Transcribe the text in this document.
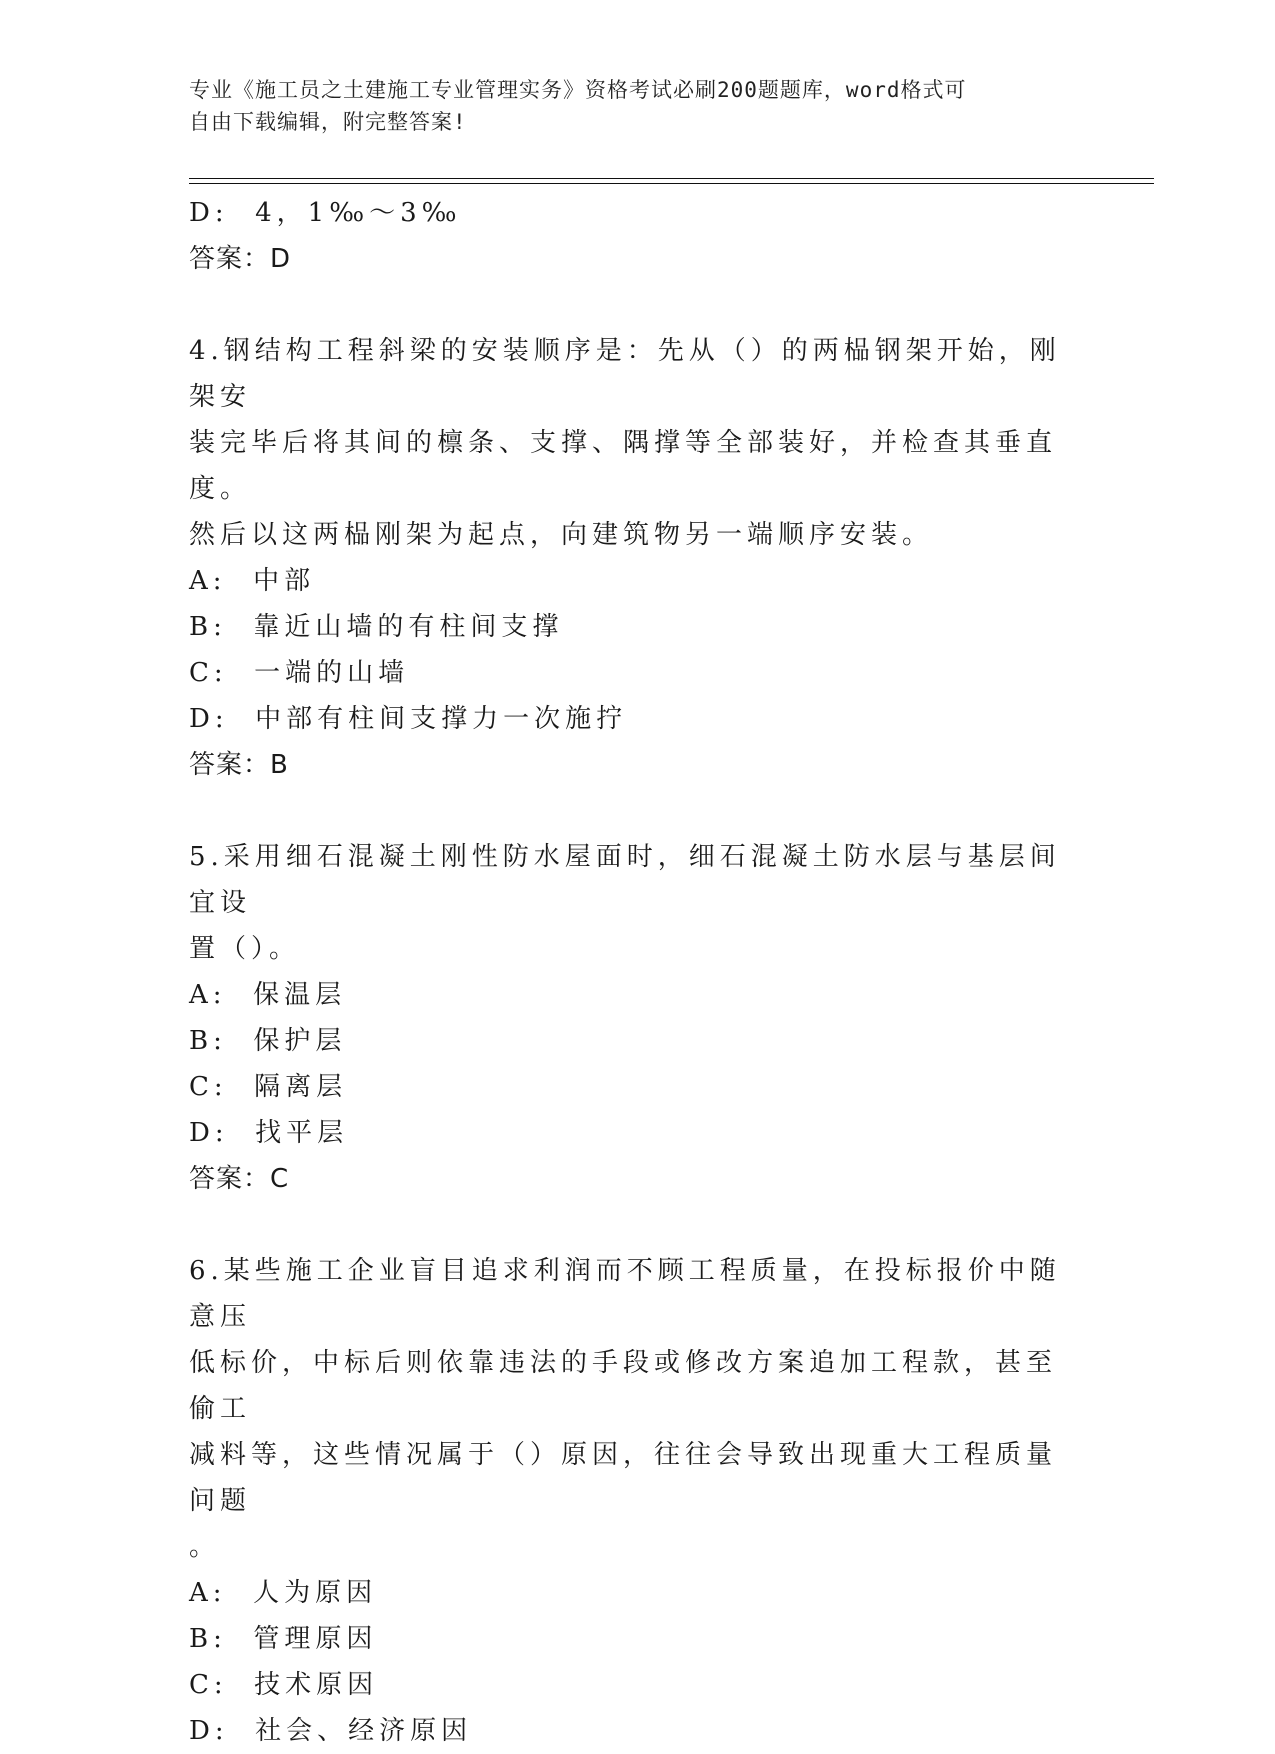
专业《施工员之土建施工专业管理实务》资格考试必刷200题题库，word格式可
自由下载编辑，附完整答案!
D:  4，1‰～3‰
答案：D
4.钢结构工程斜梁的安装顺序是：先从（）的两榀钢架开始，刚架安
装完毕后将其间的檩条、支撑、隅撑等全部装好，并检查其垂直度。
然后以这两榀刚架为起点，向建筑物另一端顺序安装。
A:  中部
B:  靠近山墙的有柱间支撑
C:  一端的山墙
D:  中部有柱间支撑力一次施拧
答案：B
5.采用细石混凝土刚性防水屋面时，细石混凝土防水层与基层间宜设
置（）。
A:  保温层
B:  保护层
C:  隔离层
D:  找平层
答案：C
6.某些施工企业盲目追求利润而不顾工程质量，在投标报价中随意压
低标价，中标后则依靠违法的手段或修改方案追加工程款，甚至偷工
减料等，这些情况属于（）原因，往往会导致出现重大工程质量问题
。
A:  人为原因
B:  管理原因
C:  技术原因
D:  社会、经济原因
